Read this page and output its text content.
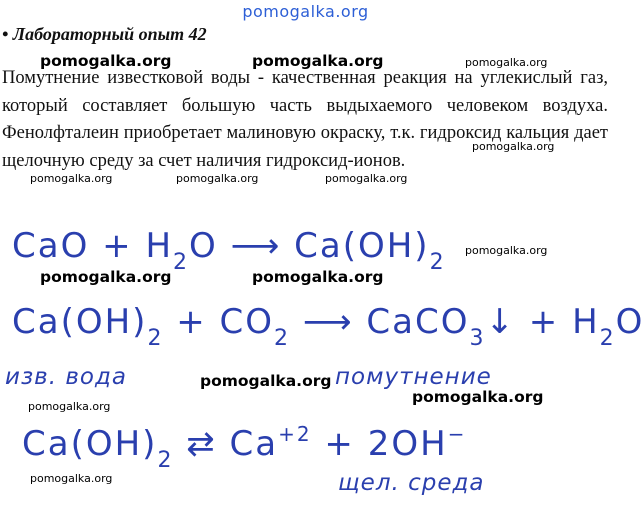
pomogalka.org
• Лабораторный опыт 42
Помутнение известковой воды - качественная реакция на углекислый газ, который составляет большую часть выдыхаемого человеком воздуха. Фенолфталеин приобретает малиновую окраску, т.к. гидроксид кальция дает щелочную среду за счет наличия гидроксид-ионов.
pomogalka.org	pomogalka.org	pomogalka.org
pomogalka.org
pomogalka.org	pomogalka.org	pomogalka.org
CaO + $H_2O$ ⟶ $Ca(OH)_2$ pomogalka.org
pomogalka.org	pomogalka.org
$Ca(OH)_2 + CO_2$ ⟶ CaCO$_3$↓ + $H_2O$
изв. вода	помутнение
pomogalka.org
pomogalka.org
pomogalka.org
$Ca(OH)_2$ ⇄ $Ca^{+2} + 2OH^-$
щел. среда
pomogalka.org
